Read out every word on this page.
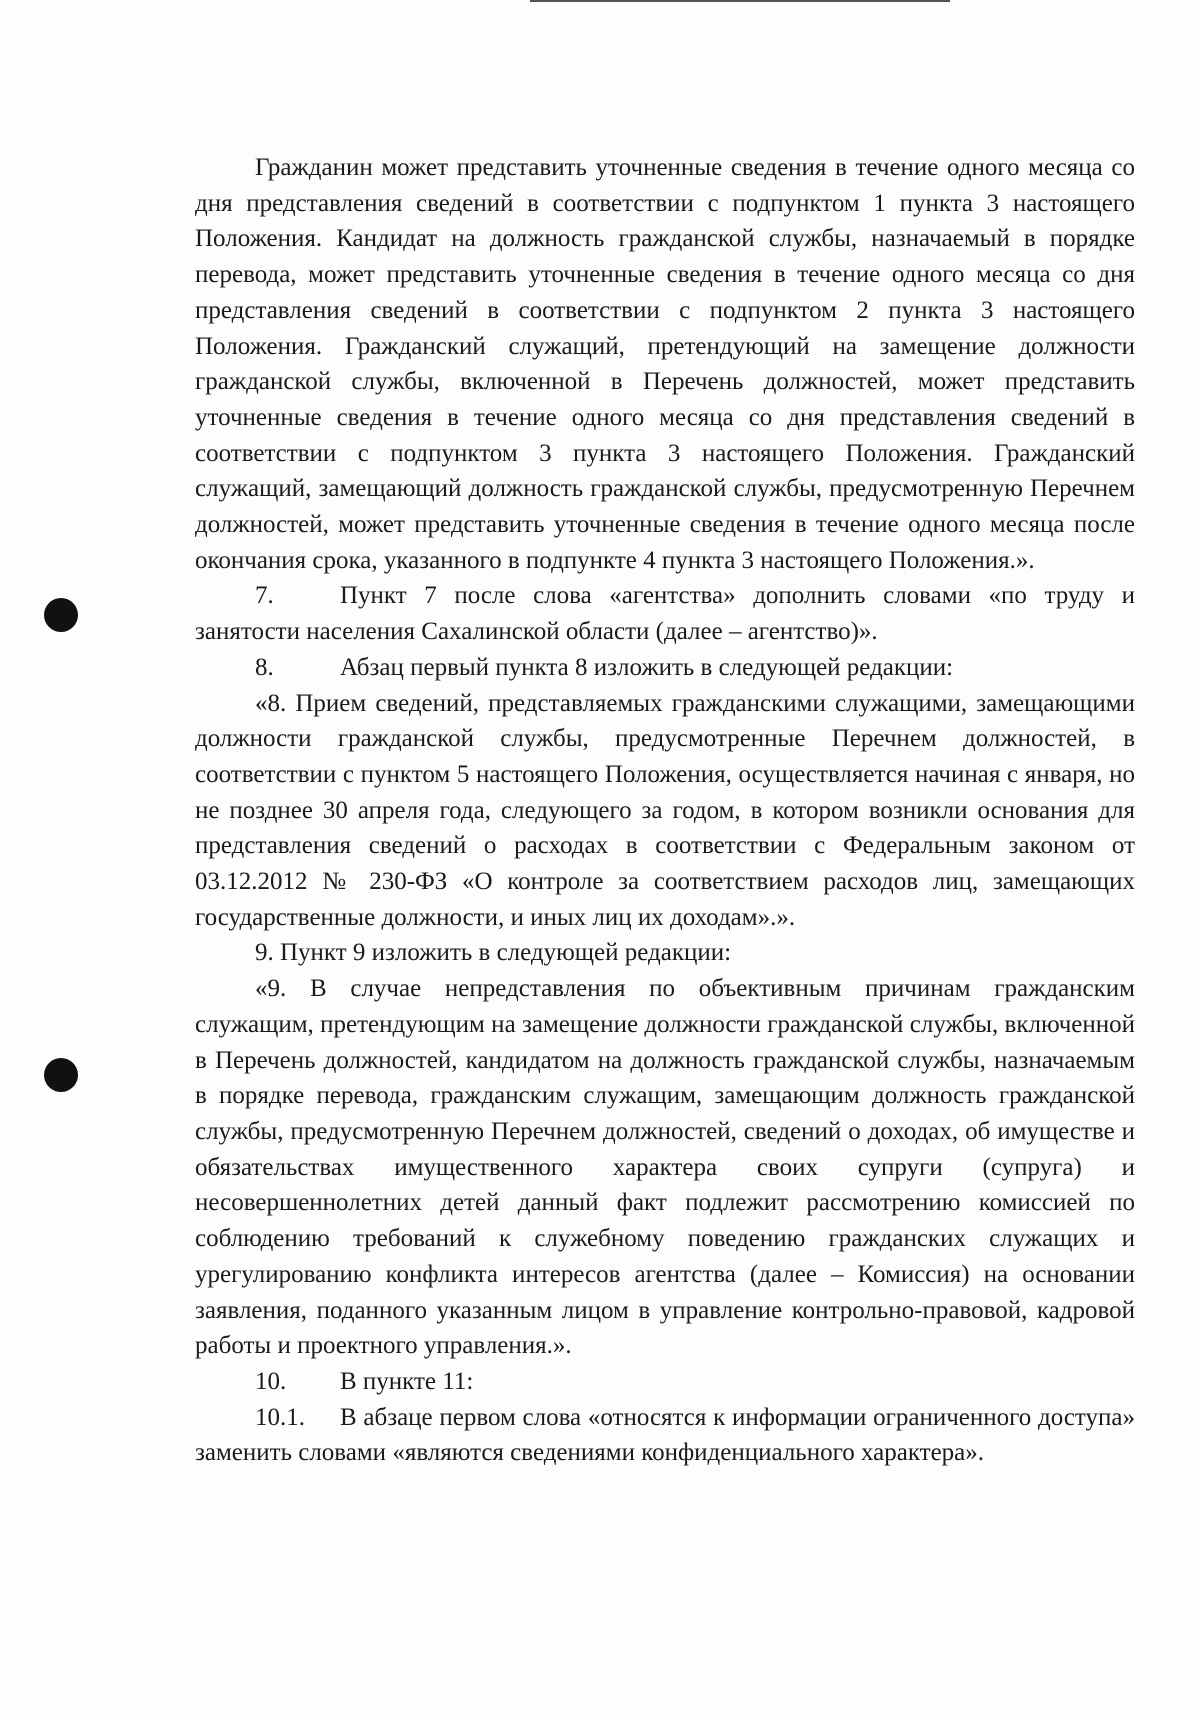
Гражданин может представить уточненные сведения в течение одного месяца со дня представления сведений в соответствии с подпунктом 1 пункта 3 настоящего Положения. Кандидат на должность гражданской службы, назначаемый в порядке перевода, может представить уточненные сведения в течение одного месяца со дня представления сведений в соответствии с подпунктом 2 пункта 3 настоящего Положения. Гражданский служащий, претендующий на замещение должности гражданской службы, включенной в Перечень должностей, может представить уточненные сведения в течение одного месяца со дня представления сведений в соответствии с подпунктом 3 пункта 3 настоящего Положения. Гражданский служащий, замещающий должность гражданской службы, предусмотренную Перечнем должностей, может представить уточненные сведения в течение одного месяца после окончания срока, указанного в подпункте 4 пункта 3 настоящего Положения.».

7.	Пункт 7 после слова «агентства» дополнить словами «по труду и занятости населения Сахалинской области (далее – агентство)».

8.	Абзац первый пункта 8 изложить в следующей редакции:

«8. Прием сведений, представляемых гражданскими служащими, замещающими должности гражданской службы, предусмотренные Перечнем должностей, в соответствии с пунктом 5 настоящего Положения, осуществляется начиная с января, но не позднее 30 апреля года, следующего за годом, в котором возникли основания для представления сведений о расходах в соответствии с Федеральным законом от 03.12.2012 № 230-ФЗ «О контроле за соответствием расходов лиц, замещающих государственные должности, и иных лиц их доходам».».

9. Пункт 9 изложить в следующей редакции:

«9. В случае непредставления по объективным причинам гражданским служащим, претендующим на замещение должности гражданской службы, включенной в Перечень должностей, кандидатом на должность гражданской службы, назначаемым в порядке перевода, гражданским служащим, замещающим должность гражданской службы, предусмотренную Перечнем должностей, сведений о доходах, об имуществе и обязательствах имущественного характера своих супруги (супруга) и несовершеннолетних детей данный факт подлежит рассмотрению комиссией по соблюдению требований к служебному поведению гражданских служащих и урегулированию конфликта интересов агентства (далее – Комиссия) на основании заявления, поданного указанным лицом в управление контрольно-правовой, кадровой работы и проектного управления.».

10. В пункте 11:

10.1. В абзаце первом слова «относятся к информации ограниченного доступа» заменить словами «являются сведениями конфиденциального характера».
